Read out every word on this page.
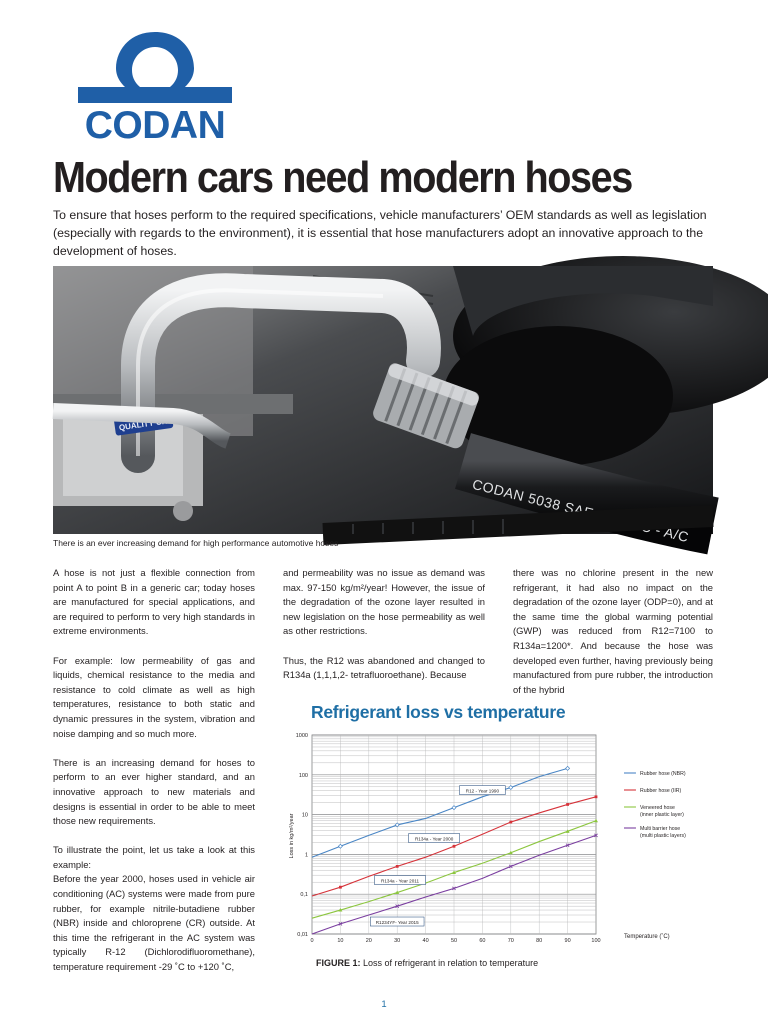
CODAN
Modern cars need modern hoses

To ensure that hoses perform to the required specifications, vehicle manufacturers’ OEM standards as well as legislation (especially with regards to the environment), it is essential that hose manufacturers adopt an innovative approach to the development of hoses.

QUALITY CHEC
CODAN 5038 SAE J2064 C - A/C

There is an ever increasing demand for high performance automotive hoses

A hose is not just a flexible connection from point A to point B in a generic car; today hoses are manufactured for special applications, and are required to perform to very high standards in extreme environments.

For example: low permeability of gas and liquids, chemical resistance to the media and resistance to cold climate as well as high temperatures, resistance to both static and dynamic pressures in the system, vibration and noise damping and so much more.

There is an increasing demand for hoses to perform to an ever higher standard, and an innovative approach to new materials and designs is essential in order to be able to meet those new requirements.

To illustrate the point, let us take a look at this example:

Before the year 2000, hoses used in vehicle air conditioning (AC) systems were made from pure rubber, for example nitrile-butadiene rubber (NBR) inside and chloroprene (CR) outside. At this time the refrigerant in the AC system was typically R-12 (Dichlorodifluoromethane), temperature requirement -29 ˚C to +120 ˚C,

and permeability was no issue as demand was max. 97-150 kg/m²/year! However, the issue of the degradation of the ozone layer resulted in new legislation on the hose permeability as well as other restrictions.

Thus, the R12 was abandoned and changed to R134a (1,1,1,2- tetrafluoroethane). Because

there was no chlorine present in the new refrigerant, it had also no impact on the degradation of the ozone layer (ODP=0), and at the same time the global warming potential (GWP) was reduced from R12=7100 to R134a=1200*. And because the hose was developed even further, having previously being manufactured from pure rubber, the introduction of the hybrid

Refrigerant loss vs temperature
0	10	20	30	40	50	60	70	80	90	100
0,01
0,1
1
10
100
1000
R12 - Year 1990
R134a - Year 2000
R134a - Year 2011
R1234YF- Year 2015
Rubber hose (NBR)
Rubber hose (IIR)
Veneered hose
(inner plastic layer)
Multi barrier hose
(multi plastic layers)
Loss in kg/m²/year
Temperature (˚C)
FIGURE 1: Loss of refrigerant in relation to temperature
1
